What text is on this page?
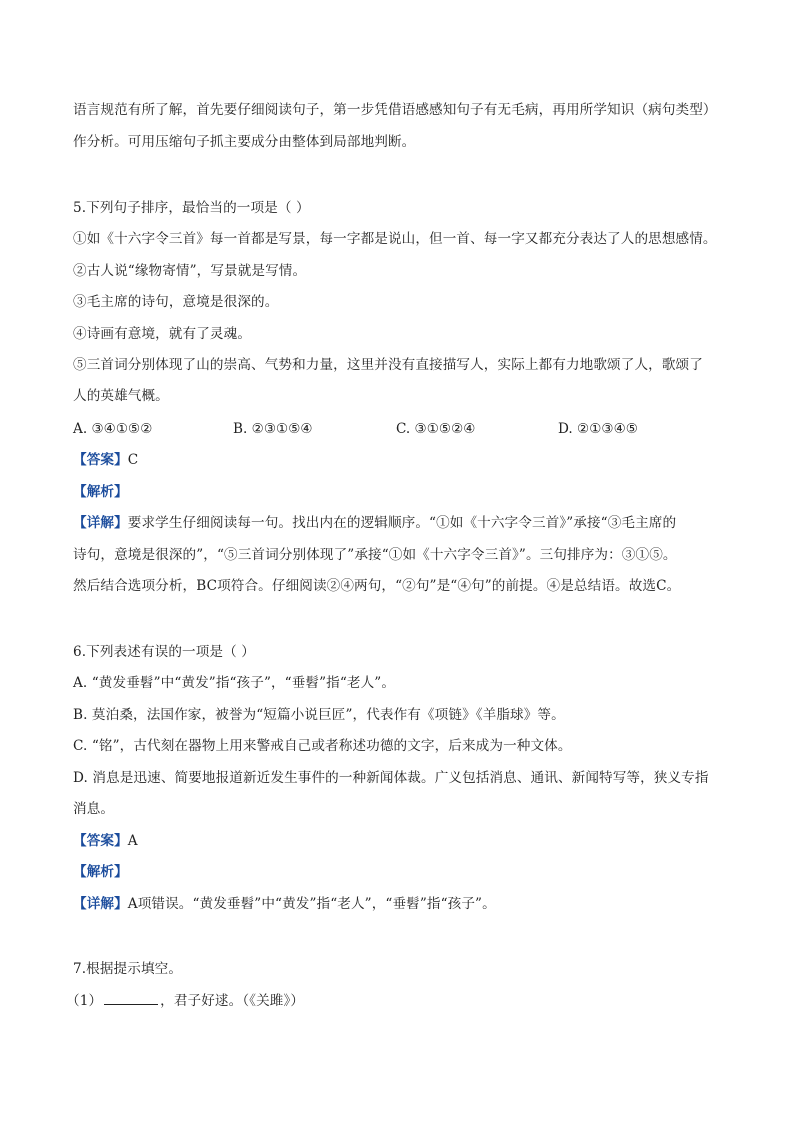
语言规范有所了解，首先要仔细阅读句子，第一步凭借语感感知句子有无毛病，再用所学知识（病句类型）
作分析。可用压缩句子抓主要成分由整体到局部地判断。
5.下列句子排序，最恰当的一项是（ ）
①如《十六字令三首》每一首都是写景，每一字都是说山，但一首、每一字又都充分表达了人的思想感情。
②古人说“缘物寄情”，写景就是写情。
③毛主席的诗句，意境是很深的。
④诗画有意境，就有了灵魂。
⑤三首词分别体现了山的崇高、气势和力量，这里并没有直接描写人，实际上都有力地歌颂了人，歌颂了
人的英雄气概。
A. ③④①⑤②	B. ②③①⑤④	C. ③①⑤②④	D. ②①③④⑤
【答案】C
【解析】
【详解】要求学生仔细阅读每一句。找出内在的逻辑顺序。“①如《十六字令三首》”承接“③毛主席的
诗句，意境是很深的”，“⑤三首词分别体现了”承接“①如《十六字令三首》”。三句排序为：③①⑤。
然后结合选项分析，BC项符合。仔细阅读②④两句，“②句”是“④句”的前提。④是总结语。故选C。
6.下列表述有误的一项是（ ）
A. “黄发垂髫”中“黄发”指“孩子”，“垂髫”指“老人”。
B. 莫泊桑，法国作家，被誉为“短篇小说巨匠”，代表作有《项链》《羊脂球》等。
C. “铭”，古代刻在器物上用来警戒自己或者称述功德的文字，后来成为一种文体。
D. 消息是迅速、简要地报道新近发生事件的一种新闻体裁。广义包括消息、通讯、新闻特写等，狭义专指
消息。
【答案】A
【解析】
【详解】A项错误。“黄发垂髫”中“黄发”指“老人”，“垂髫”指“孩子”。
7.根据提示填空。
（1）	，君子好逑。（《关雎》）
